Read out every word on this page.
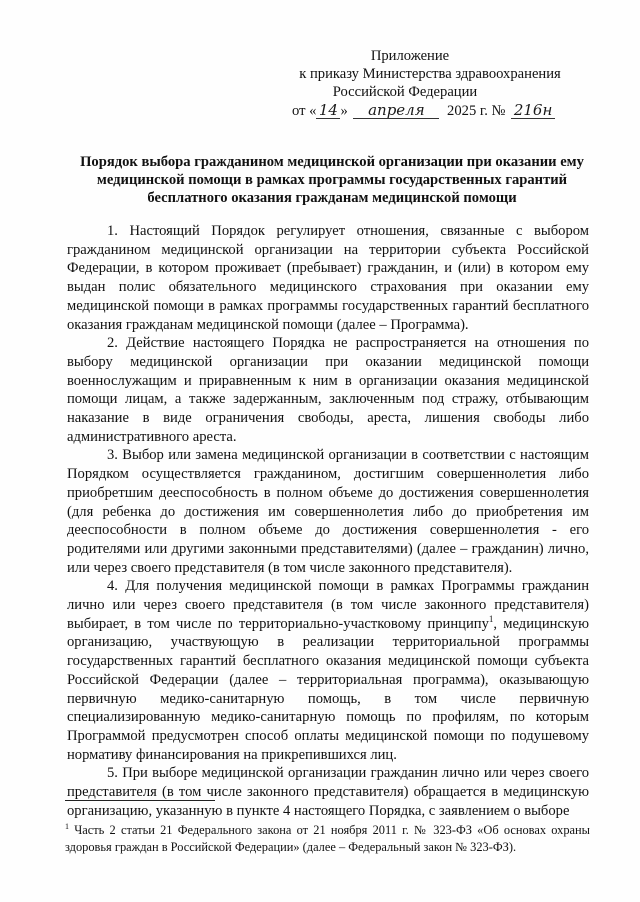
Приложение
к приказу Министерства здравоохранения
Российской Федерации
от « 14 » апреля 2025 г. № 216н
Порядок выбора гражданином медицинской организации при оказании ему медицинской помощи в рамках программы государственных гарантий бесплатного оказания гражданам медицинской помощи

1. Настоящий Порядок регулирует отношения, связанные с выбором гражданином медицинской организации на территории субъекта Российской Федерации, в котором проживает (пребывает) гражданин, и (или) в котором ему выдан полис обязательного медицинского страхования при оказании ему медицинской помощи в рамках программы государственных гарантий бесплатного оказания гражданам медицинской помощи (далее – Программа).

2. Действие настоящего Порядка не распространяется на отношения по выбору медицинской организации при оказании медицинской помощи военнослужащим и приравненным к ним в организации оказания медицинской помощи лицам, а также задержанным, заключенным под стражу, отбывающим наказание в виде ограничения свободы, ареста, лишения свободы либо административного ареста.

3. Выбор или замена медицинской организации в соответствии с настоящим Порядком осуществляется гражданином, достигшим совершеннолетия либо приобретшим дееспособность в полном объеме до достижения совершеннолетия (для ребенка до достижения им совершеннолетия либо до приобретения им дееспособности в полном объеме до достижения совершеннолетия - его родителями или другими законными представителями) (далее – гражданин) лично, или через своего представителя (в том числе законного представителя).

4. Для получения медицинской помощи в рамках Программы гражданин лично или через своего представителя (в том числе законного представителя) выбирает, в том числе по территориально-участковому принципу$^1$, медицинскую организацию, участвующую в реализации территориальной программы государственных гарантий бесплатного оказания медицинской помощи субъекта Российской Федерации (далее – территориальная программа), оказывающую первичную медико-санитарную помощь, в том числе первичную специализированную медико-санитарную помощь по профилям, по которым Программой предусмотрен способ оплаты медицинской помощи по подушевому нормативу финансирования на прикрепившихся лиц.

5. При выборе медицинской организации гражданин лично или через своего представителя (в том числе законного представителя) обращается в медицинскую организацию, указанную в пункте 4 настоящего Порядка, с заявлением о выборе

$^1$ Часть 2 статьи 21 Федерального закона от 21 ноября 2011 г. № 323-ФЗ «Об основах охраны здоровья граждан в Российской Федерации» (далее – Федеральный закон № 323-ФЗ).
